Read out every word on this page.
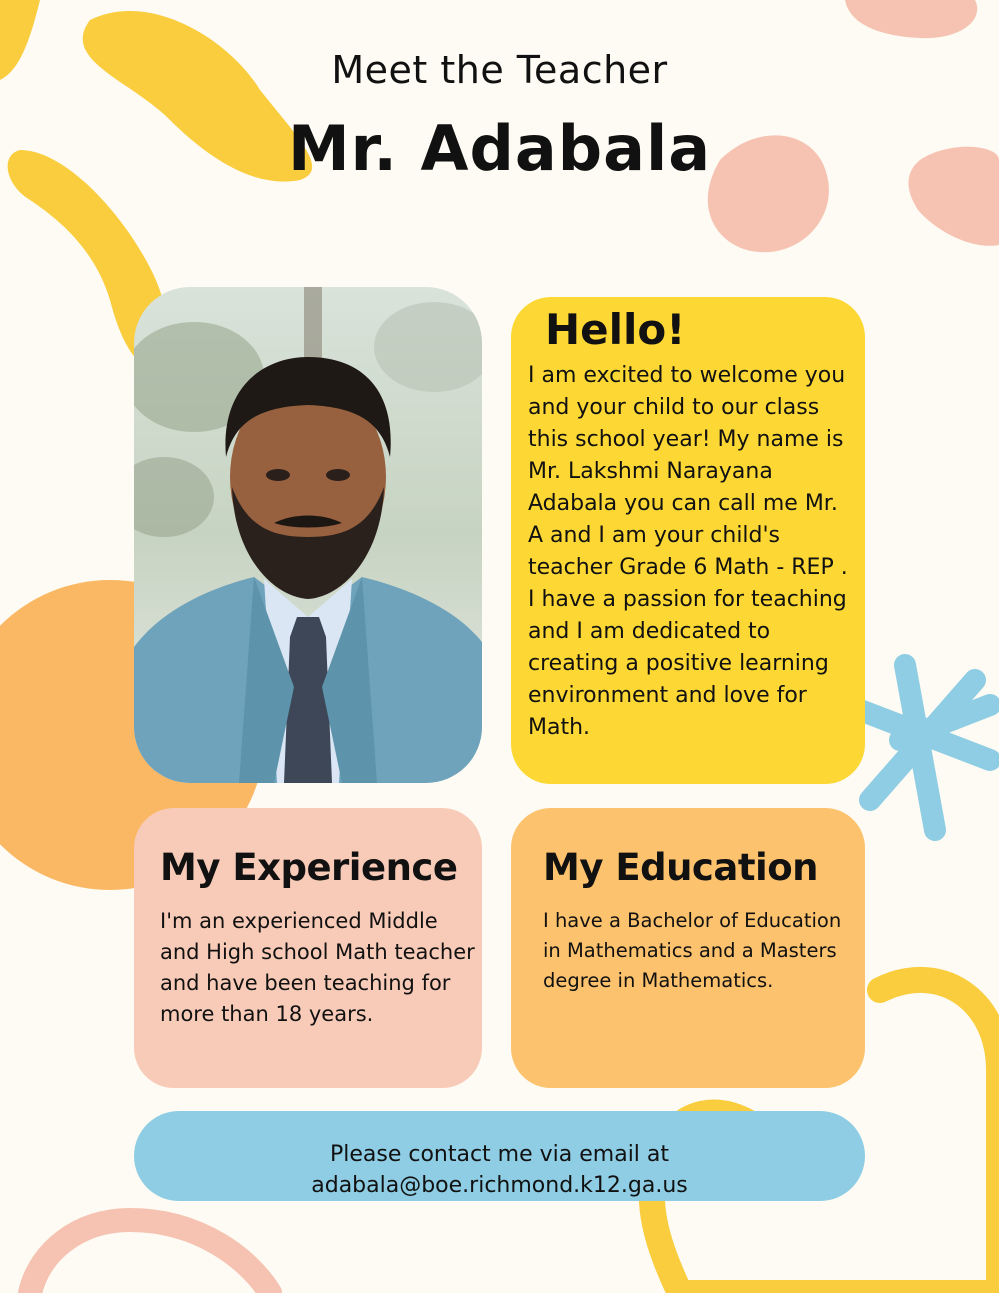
Meet the Teacher
Mr. Adabala
Hello!

I am excited to welcome you and your child to our class this school year! My name is Mr. Lakshmi Narayana Adabala you can call me Mr. A and I am your child's teacher Grade 6 Math - REP . I have a passion for teaching and I am dedicated to creating a positive learning environment and love for Math.

My Experience

I'm an experienced Middle and High school Math teacher and have been teaching for more than 18 years.

My Education

I have a Bachelor of Education in Mathematics and a Masters degree in Mathematics.

Please contact me via email at
adabala@boe.richmond.k12.ga.us
